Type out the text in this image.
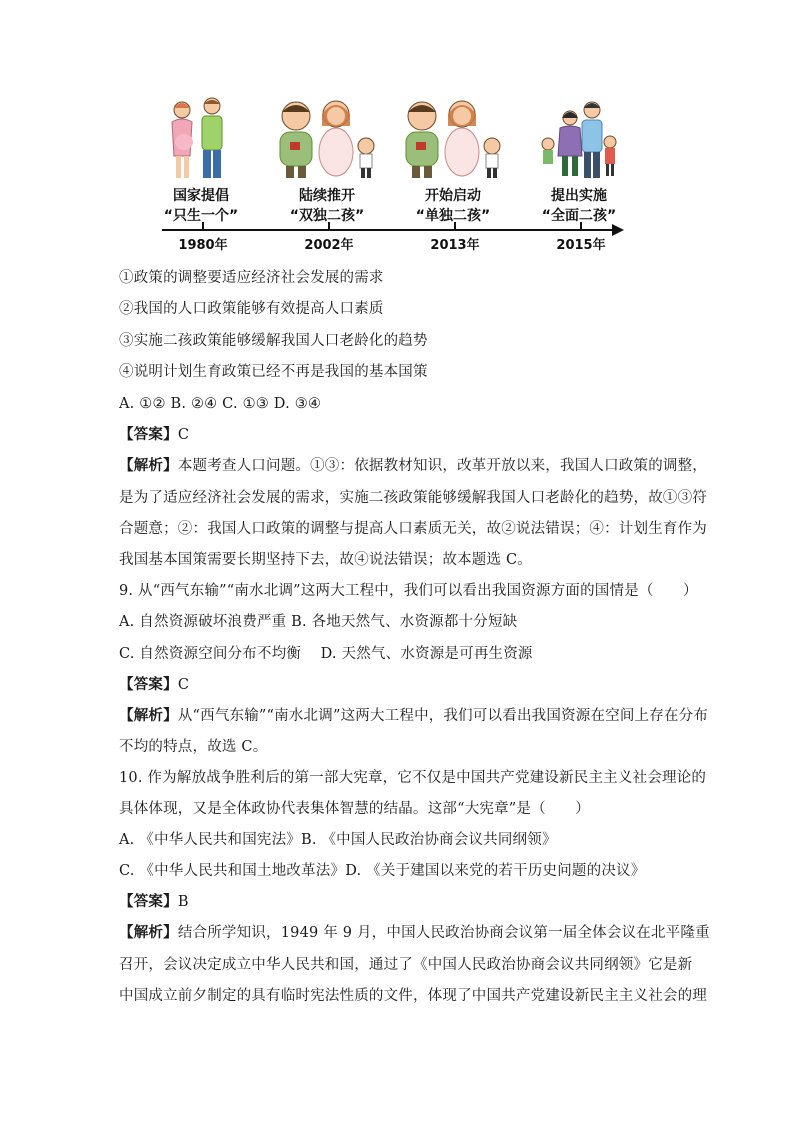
国家提倡
“只生一个”
陆续推开
“双独二孩”
开始启动
“单独二孩”
提出实施
“全面二孩”
1980年	2002年	2013年	2015年
①政策的调整要适应经济社会发展的需求
②我国的人口政策能够有效提高人口素质
③实施二孩政策能够缓解我国人口老龄化的趋势
④说明计划生育政策已经不再是我国的基本国策
A. ①② B. ②④ C. ①③ D. ③④
【答案】C
【解析】本题考查人口问题。①③：依据教材知识，改革开放以来，我国人口政策的调整，
是为了适应经济社会发展的需求，实施二孩政策能够缓解我国人口老龄化的趋势，故①③符
合题意；②：我国人口政策的调整与提高人口素质无关，故②说法错误；④：计划生育作为
我国基本国策需要长期坚持下去，故④说法错误；故本题选 C。
9. 从“西气东输”“南水北调”这两大工程中，我们可以看出我国资源方面的国情是（　　）
A. 自然资源破坏浪费严重 B. 各地天然气、水资源都十分短缺
C. 自然资源空间分布不均衡　 D. 天然气、水资源是可再生资源
【答案】C
【解析】从“西气东输”“南水北调”这两大工程中，我们可以看出我国资源在空间上存在分布
不均的特点，故选 C。
10. 作为解放战争胜利后的第一部大宪章，它不仅是中国共产党建设新民主主义社会理论的
具体体现，又是全体政协代表集体智慧的结晶。这部“大宪章”是（　　）
A. 《中华人民共和国宪法》B. 《中国人民政治协商会议共同纲领》
C. 《中华人民共和国土地改革法》D. 《关于建国以来党的若干历史问题的决议》
【答案】B
【解析】结合所学知识，1949 年 9 月，中国人民政治协商会议第一届全体会议在北平隆重
召开，会议决定成立中华人民共和国，通过了《中国人民政治协商会议共同纲领》它是新
中国成立前夕制定的具有临时宪法性质的文件，体现了中国共产党建设新民主主义社会的理
